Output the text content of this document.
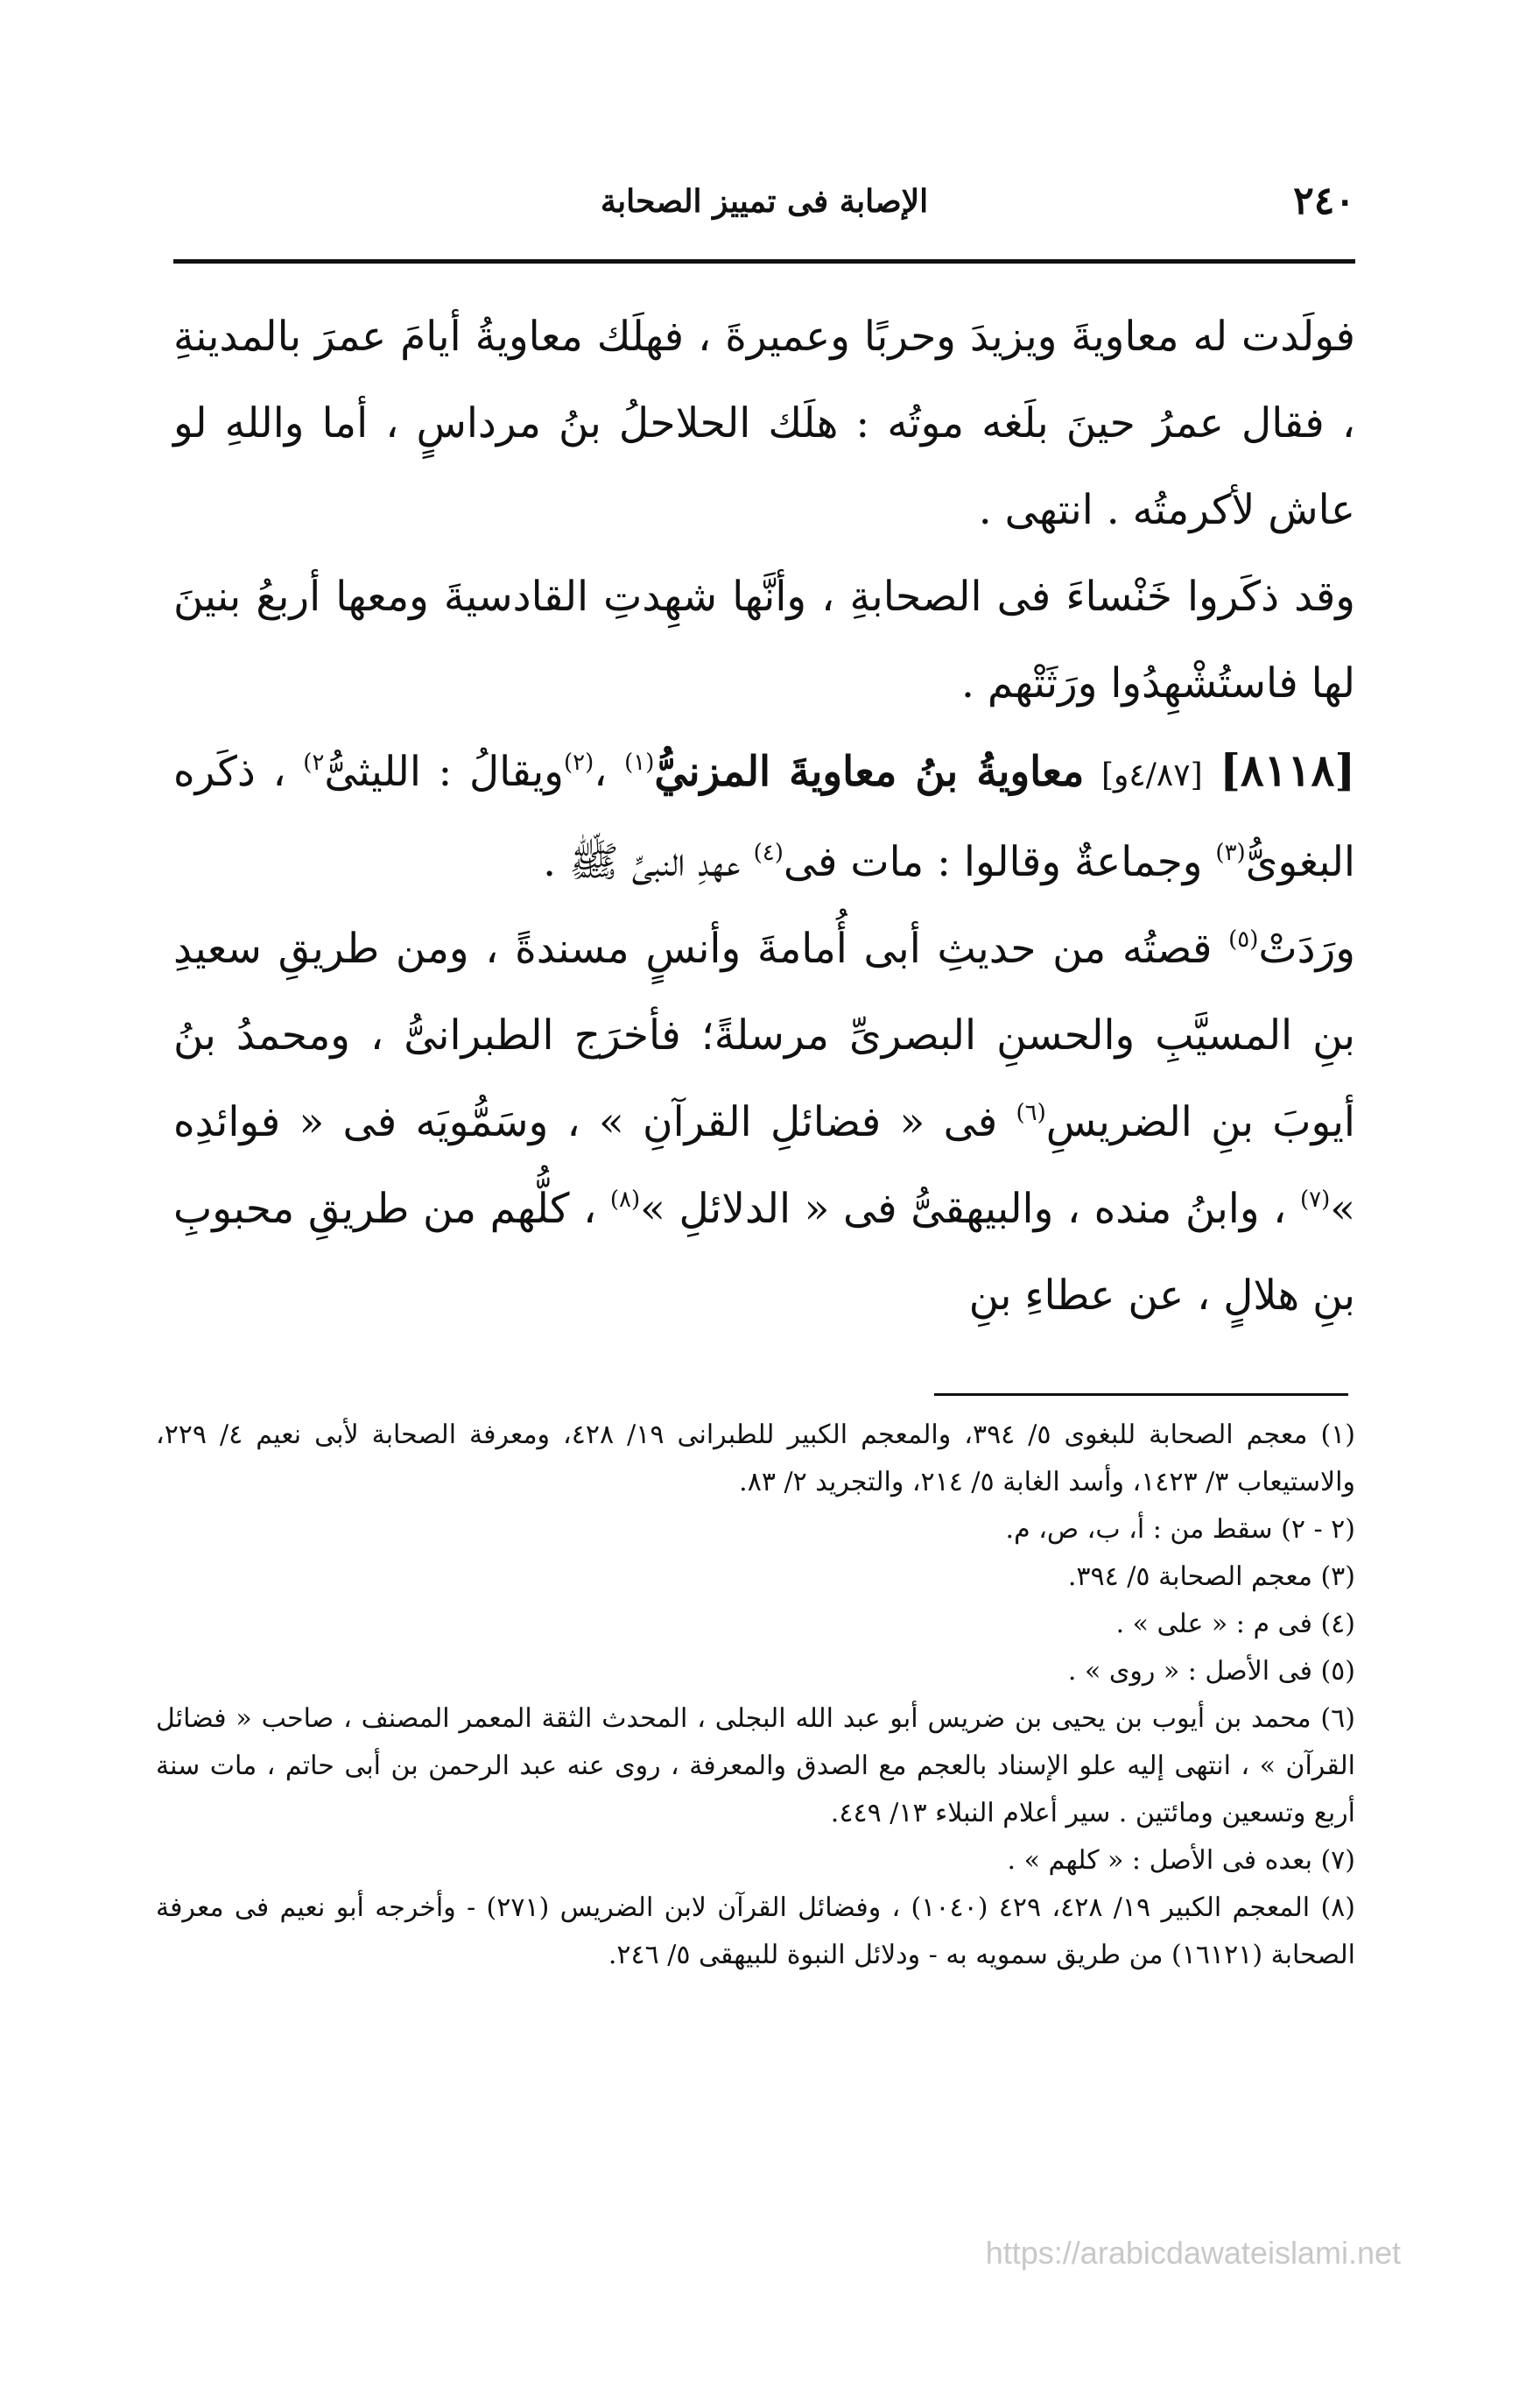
٢٤٠
الإصابة فى تمييز الصحابة

فولَدت له معاويةَ ويزيدَ وحربًا وعميرةَ ، فهلَك معاويةُ أيامَ عمرَ بالمدينةِ ، فقال عمرُ حينَ بلَغه موتُه : هلَك الحلاحلُ بنُ مرداسٍ ، أما واللهِ لو عاش لأكرمتُه . انتهى .

وقد ذكَروا خَنْساءَ فى الصحابةِ ، وأنَّها شهِدتِ القادسيةَ ومعها أربعُ بنينَ لها فاستُشْهِدُوا ورَثَتْهم .

[٨١١٨] [٤/٨٧و] معاويةُ بنُ معاويةَ المزنيُّ$^{(١)}$ ،$^{(٢)}$ويقالُ : الليثىُّ$^{٢)}$ ، ذكَره البغوىُّ$^{(٣)}$ وجماعةٌ وقالوا : مات فى$^{(٤)}$ عهدِ النبىِّ ﷺ .

ورَدَتْ$^{(٥)}$ قصتُه من حديثِ أبى أُمامةَ وأنسٍ مسندةً ، ومن طريقِ سعيدِ بنِ المسيَّبِ والحسنِ البصرىِّ مرسلةً؛ فأخرَج الطبرانىُّ ، ومحمدُ بنُ أيوبَ بنِ الضريسِ$^{(٦)}$ فى « فضائلِ القرآنِ » ، وسَمُّويَه فى « فوائدِه »$^{(٧)}$ ، وابنُ منده ، والبيهقىُّ فى « الدلائلِ »$^{(٨)}$ ، كلُّهم من طريقِ محبوبِ بنِ هلالٍ ، عن عطاءِ بنِ

(١) معجم الصحابة للبغوى ٥/ ٣٩٤، والمعجم الكبير للطبرانى ١٩/ ٤٢٨، ومعرفة الصحابة لأبى نعيم ٤/ ٢٢٩، والاستيعاب ٣/ ١٤٢٣، وأسد الغابة ٥/ ٢١٤، والتجريد ٢/ ٨٣.

(٢ - ٢) سقط من : أ، ب، ص، م.

(٣) معجم الصحابة ٥/ ٣٩٤.

(٤) فى م : « على » .

(٥) فى الأصل : « روى » .

(٦) محمد بن أيوب بن يحيى بن ضريس أبو عبد الله البجلى ، المحدث الثقة المعمر المصنف ، صاحب « فضائل القرآن » ، انتهى إليه علو الإسناد بالعجم مع الصدق والمعرفة ، روى عنه عبد الرحمن بن أبى حاتم ، مات سنة أربع وتسعين ومائتين . سير أعلام النبلاء ١٣/ ٤٤٩.

(٧) بعده فى الأصل : « كلهم » .

(٨) المعجم الكبير ١٩/ ٤٢٨، ٤٢٩ (١٠٤٠) ، وفضائل القرآن لابن الضريس (٢٧١) - وأخرجه أبو نعيم فى معرفة الصحابة (١٦١٢١) من طريق سمويه به - ودلائل النبوة للبيهقى ٥/ ٢٤٦.

https://arabicdawateislami.net
